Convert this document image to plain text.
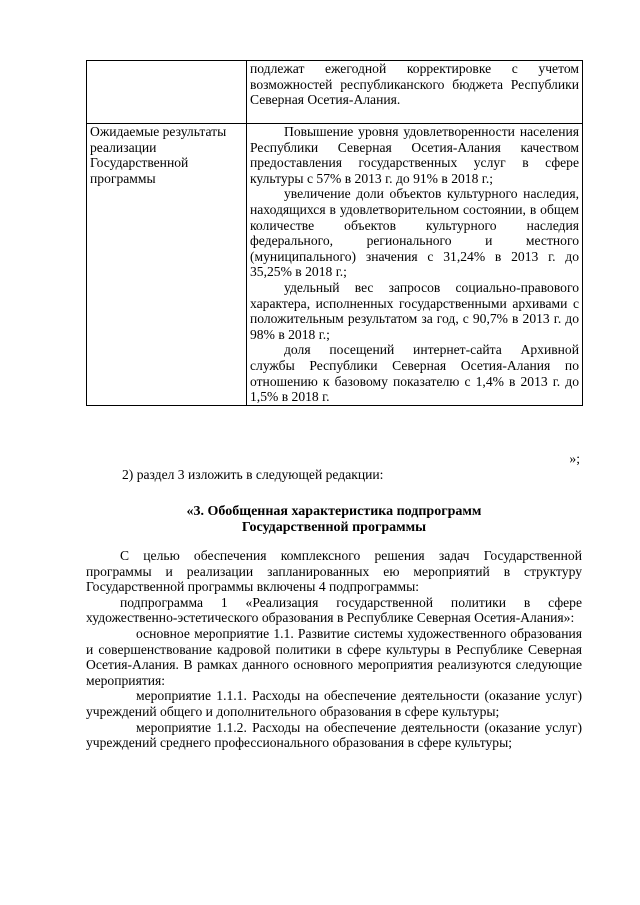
	подлежат ежегодной корректировке с учетом возможностей республиканского бюджета Республики Северная Осетия-Алания.
Ожидаемые результаты реализации Государственной программы	Повышение уровня удовлетворенности населения Республики Северная Осетия-Алания качеством предоставления государственных услуг в сфере культуры с 57% в 2013 г. до 91% в 2018 г.;
увеличение доли объектов культурного наследия, находящихся в удовлетворительном состоянии, в общем количестве объектов культурного наследия федерального, регионального и местного (муниципального) значения с 31,24% в 2013 г. до 35,25% в 2018 г.;
удельный вес запросов социально-правового характера, исполненных государственными архивами с положительным результатом за год, с 90,7% в 2013 г. до 98% в 2018 г.;
доля посещений интернет-сайта Архивной службы Республики Северная Осетия-Алания по отношению к базовому показателю с 1,4% в 2013 г. до 1,5% в 2018 г.
»;
2) раздел 3 изложить в следующей редакции:
«3. Обобщенная характеристика подпрограмм
Государственной программы

С целью обеспечения комплексного решения задач Государственной программы и реализации запланированных ею мероприятий в структуру Государственной программы включены 4 подпрограммы:

подпрограмма 1 «Реализация государственной политики в сфере художественно-эстетического образования в Республике Северная Осетия-Алания»:

основное мероприятие 1.1. Развитие системы художественного образования и совершенствование кадровой политики в сфере культуры в Республике Северная Осетия-Алания. В рамках данного основного мероприятия реализуются следующие мероприятия:

мероприятие 1.1.1. Расходы на обеспечение деятельности (оказание услуг) учреждений общего и дополнительного образования в сфере культуры;

мероприятие 1.1.2. Расходы на обеспечение деятельности (оказание услуг) учреждений среднего профессионального образования в сфере культуры;
